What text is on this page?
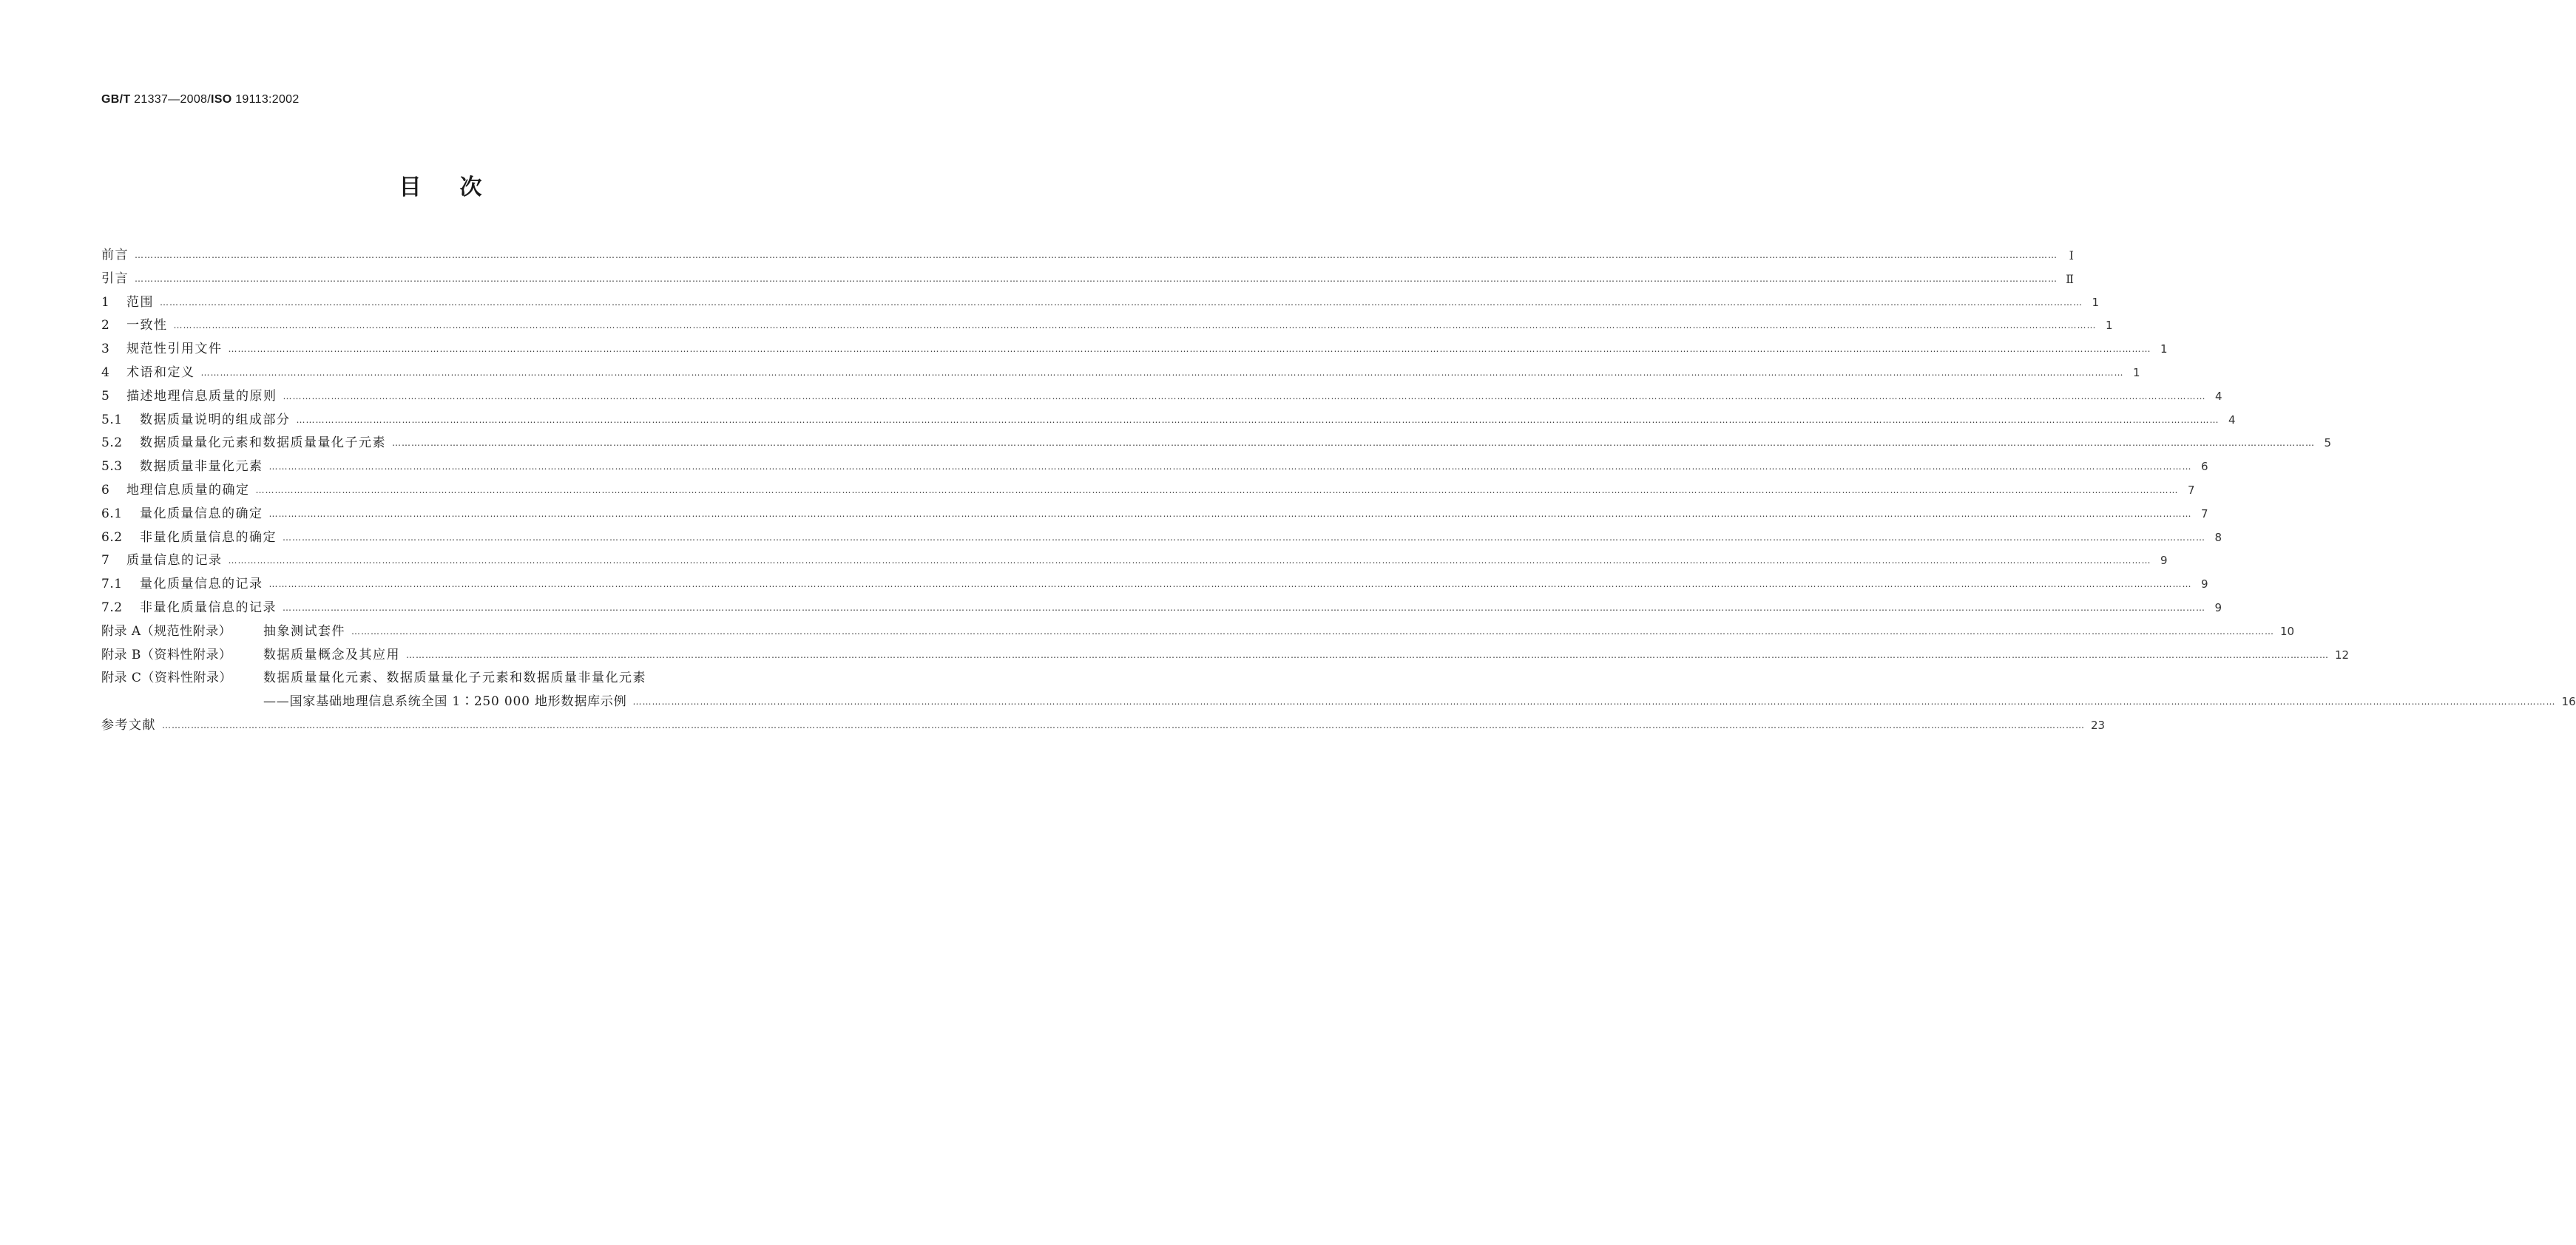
GB/T 21337—2008/ISO 19113:2002
目次
前言 …………………………………………………………………………………………………………………………………………………………………………………………………………………………………………………………………………………………………………………………………………………………………………………………………………………………………………………………………………………………………………………………………………………… Ⅰ
引言 …………………………………………………………………………………………………………………………………………………………………………………………………………………………………………………………………………………………………………………………………………………………………………………………………………………………………………………………………………………………………………………………………………………… Ⅱ
1	范围 …………………………………………………………………………………………………………………………………………………………………………………………………………………………………………………………………………………………………………………………………………………………………………………………………………………………………………………………………………………………………………………………………………………… 1
2	一致性 …………………………………………………………………………………………………………………………………………………………………………………………………………………………………………………………………………………………………………………………………………………………………………………………………………………………………………………………………………………………………………………………………………………… 1
3	规范性引用文件 …………………………………………………………………………………………………………………………………………………………………………………………………………………………………………………………………………………………………………………………………………………………………………………………………………………………………………………………………………………………………………………………………………………… 1
4	术语和定义 …………………………………………………………………………………………………………………………………………………………………………………………………………………………………………………………………………………………………………………………………………………………………………………………………………………………………………………………………………………………………………………………………………………… 1
5	描述地理信息质量的原则 …………………………………………………………………………………………………………………………………………………………………………………………………………………………………………………………………………………………………………………………………………………………………………………………………………………………………………………………………………………………………………………………………………………… 4
5.1	数据质量说明的组成部分 …………………………………………………………………………………………………………………………………………………………………………………………………………………………………………………………………………………………………………………………………………………………………………………………………………………………………………………………………………………………………………………………………………………… 4
5.2	数据质量量化元素和数据质量量化子元素 …………………………………………………………………………………………………………………………………………………………………………………………………………………………………………………………………………………………………………………………………………………………………………………………………………………………………………………………………………………………………………………………………………………… 5
5.3	数据质量非量化元素 …………………………………………………………………………………………………………………………………………………………………………………………………………………………………………………………………………………………………………………………………………………………………………………………………………………………………………………………………………………………………………………………………………………… 6
6	地理信息质量的确定 …………………………………………………………………………………………………………………………………………………………………………………………………………………………………………………………………………………………………………………………………………………………………………………………………………………………………………………………………………………………………………………………………………………… 7
6.1	量化质量信息的确定 …………………………………………………………………………………………………………………………………………………………………………………………………………………………………………………………………………………………………………………………………………………………………………………………………………………………………………………………………………………………………………………………………………………… 7
6.2	非量化质量信息的确定 …………………………………………………………………………………………………………………………………………………………………………………………………………………………………………………………………………………………………………………………………………………………………………………………………………………………………………………………………………………………………………………………………………………… 8
7	质量信息的记录 …………………………………………………………………………………………………………………………………………………………………………………………………………………………………………………………………………………………………………………………………………………………………………………………………………………………………………………………………………………………………………………………………………………… 9
7.1	量化质量信息的记录 …………………………………………………………………………………………………………………………………………………………………………………………………………………………………………………………………………………………………………………………………………………………………………………………………………………………………………………………………………………………………………………………………………………… 9
7.2	非量化质量信息的记录 …………………………………………………………………………………………………………………………………………………………………………………………………………………………………………………………………………………………………………………………………………………………………………………………………………………………………………………………………………………………………………………………………………………… 9
附录 A（规范性附录）	抽象测试套件 …………………………………………………………………………………………………………………………………………………………………………………………………………………………………………………………………………………………………………………………………………………………………………………………………………………………………………………………………………………………………………………………………………………… 10
附录 B（资料性附录）	数据质量概念及其应用 …………………………………………………………………………………………………………………………………………………………………………………………………………………………………………………………………………………………………………………………………………………………………………………………………………………………………………………………………………………………………………………………………………………… 12
附录 C（资料性附录）	数据质量量化元素、数据质量量化子元素和数据质量非量化元素
——国家基础地理信息系统全国 1∶250 000 地形数据库示例 …………………………………………………………………………………………………………………………………………………………………………………………………………………………………………………………………………………………………………………………………………………………………………………………………………………………………………………………………………………………………………………………………………………… 16
参考文献 …………………………………………………………………………………………………………………………………………………………………………………………………………………………………………………………………………………………………………………………………………………………………………………………………………………………………………………………………………………………………………………………………………………… 23
